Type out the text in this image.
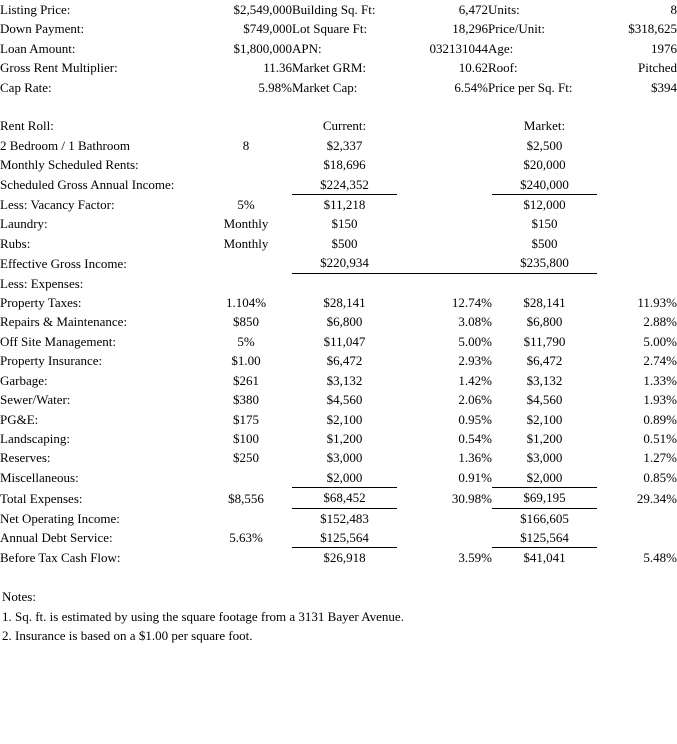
Listing Price:	$2,549,000	Building Sq. Ft:	6,472	Units:	8
Down Payment:	$749,000	Lot Square Ft:	18,296	Price/Unit:	$318,625
Loan Amount:	$1,800,000	APN:	032131044	Age:	1976
Gross Rent Multiplier:	11.36	Market GRM:	10.62	Roof:	Pitched
Cap Rate:	5.98%	Market Cap:	6.54%	Price per Sq. Ft:	$394

Rent Roll:		Current:		Market:	
2 Bedroom / 1 Bathroom	8	$2,337		$2,500	
Monthly Scheduled Rents:		$18,696		$20,000	
Scheduled Gross Annual Income:		$224,352		$240,000	
Less: Vacancy Factor:	5%	$11,218		$12,000	
Laundry:	Monthly	$150		$150	
Rubs:	Monthly	$500		$500	
Effective Gross Income:		$220,934		$235,800	
Less: Expenses:					
Property Taxes:	1.104%	$28,141	12.74%	$28,141	11.93%
Repairs & Maintenance:	$850	$6,800	3.08%	$6,800	2.88%
Off Site Management:	5%	$11,047	5.00%	$11,790	5.00%
Property Insurance:	$1.00	$6,472	2.93%	$6,472	2.74%
Garbage:	$261	$3,132	1.42%	$3,132	1.33%
Sewer/Water:	$380	$4,560	2.06%	$4,560	1.93%
PG&E:	$175	$2,100	0.95%	$2,100	0.89%
Landscaping:	$100	$1,200	0.54%	$1,200	0.51%
Reserves:	$250	$3,000	1.36%	$3,000	1.27%
Miscellaneous:		$2,000	0.91%	$2,000	0.85%
Total Expenses:	$8,556	$68,452	30.98%	$69,195	29.34%
Net Operating Income:		$152,483		$166,605	
Annual Debt Service:	5.63%	$125,564		$125,564	
Before Tax Cash Flow:		$26,918	3.59%	$41,041	5.48%

Notes:
1. Sq. ft. is estimated by using the square footage from a 3131 Bayer Avenue.
2. Insurance is based on a $1.00 per square foot.
